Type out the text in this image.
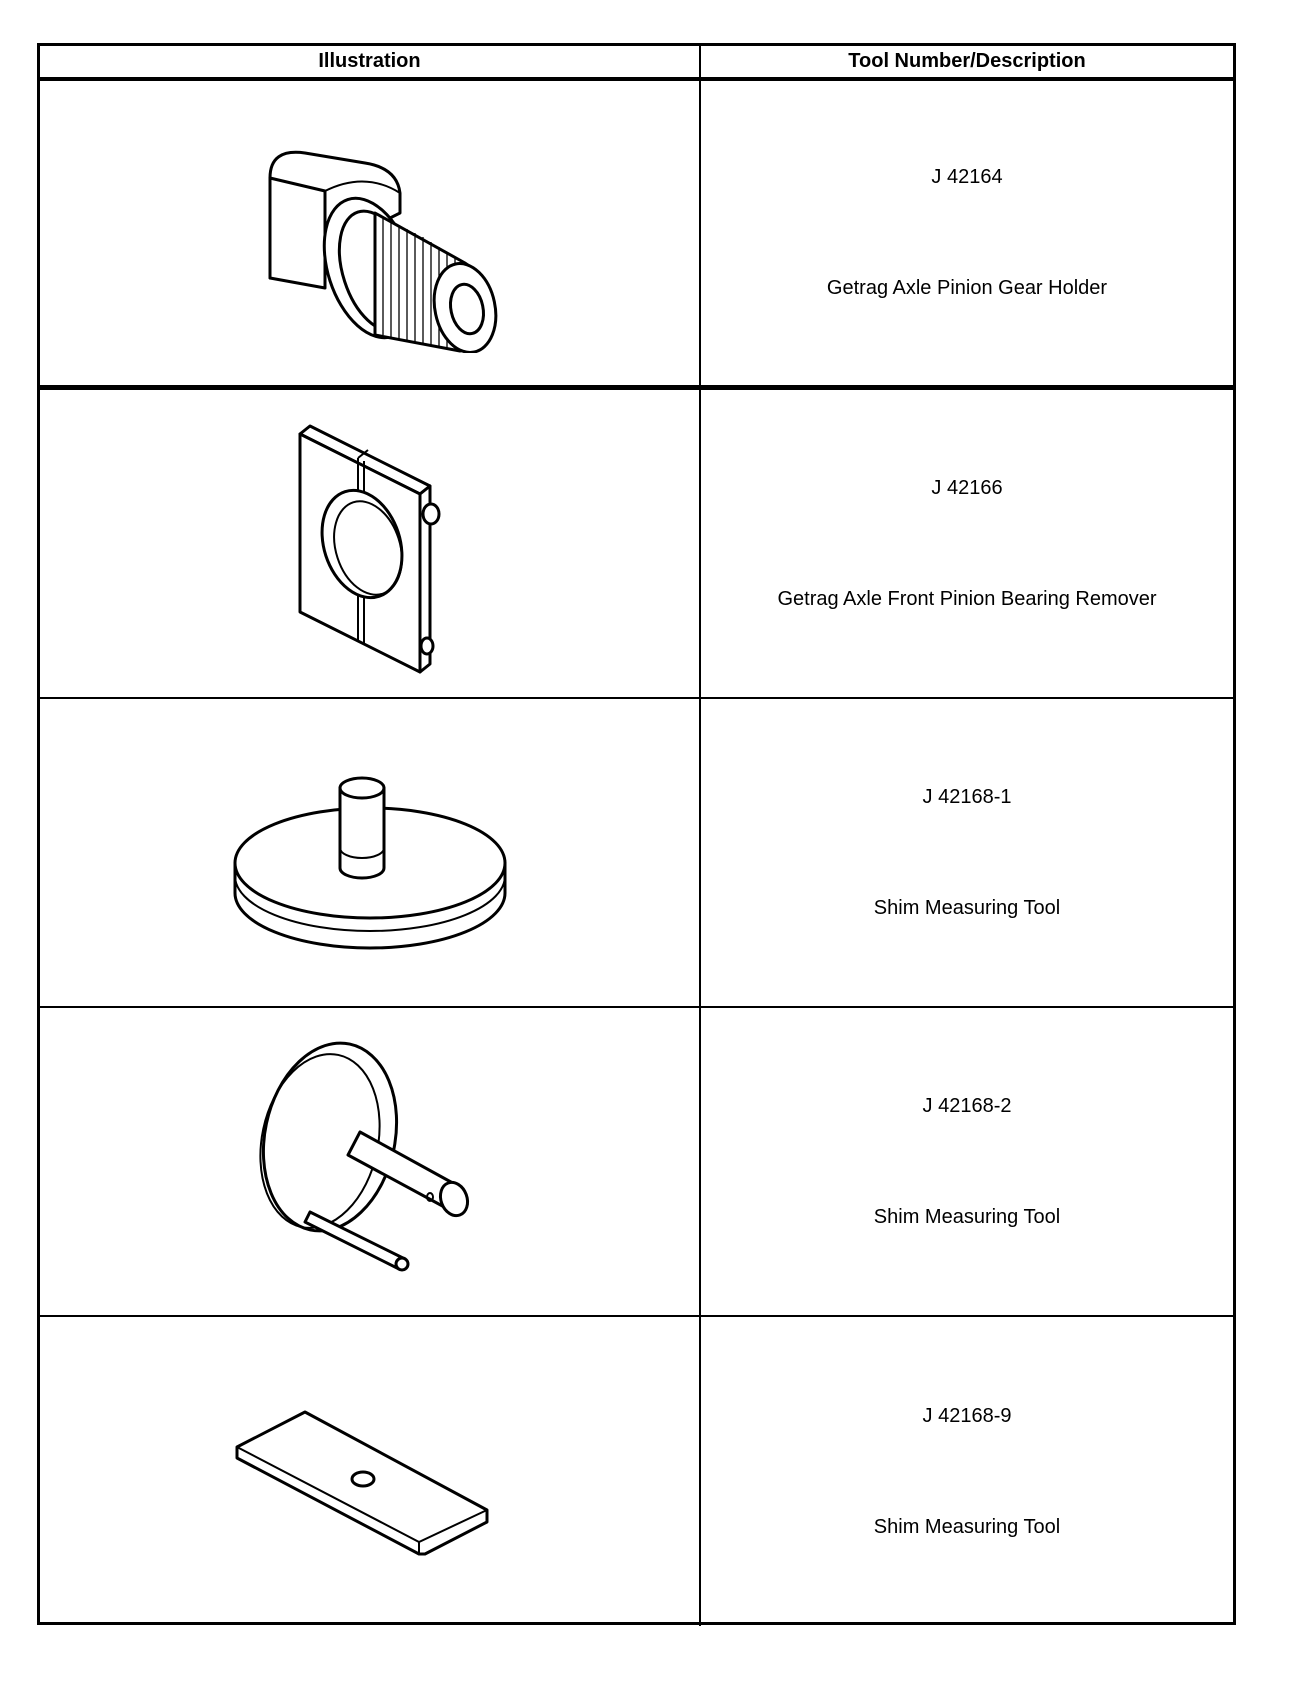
Illustration	Tool Number/Description
J 42164
Getrag Axle Pinion Gear Holder
J 42166
Getrag Axle Front Pinion Bearing Remover
J 42168-1
Shim Measuring Tool
J 42168-2
Shim Measuring Tool
J 42168-9
Shim Measuring Tool
